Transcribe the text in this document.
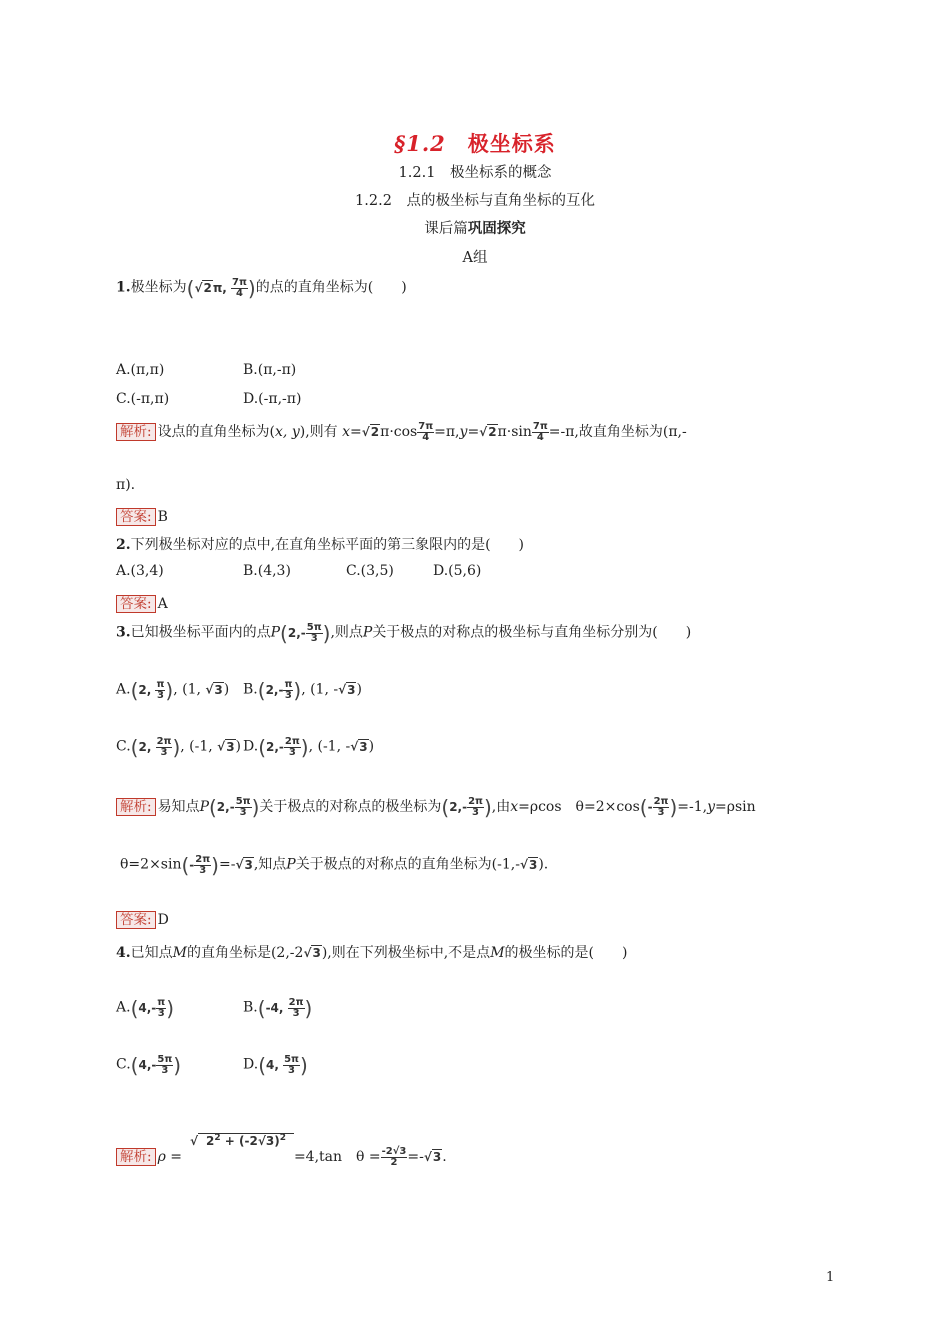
§1.2　 极坐标系
1.2.1　极坐标系的概念
1.2.2　点的极坐标与直角坐标的互化
课后篇巩固探究
A组
1.极坐标为(√2π, $\frac{7\pi}{4}$ )的点的直角坐标为(　　)
A.(π,π)	B.(π,-π)
C.(-π,π)	D.(-π,-π)
解析: 设点的直角坐标为(x, y),则有 $x=√2\pi\cdot\cos \frac{7\pi}{4} =\pi,y=√2\pi\cdot\sin \frac{7\pi}{4} =-\pi$,故直角坐标为(π,-
π).
答案: B
2.下列极坐标对应的点中,在直角坐标平面的第三象限内的是(　　)
A.(3,4)	B.(4,3)	C.(3,5)	D.(5,6)
答案: A
3.已知极坐标平面内的点$P(2,- \frac{5\pi}{3}$ ),则点P关于极点的对称点的极坐标与直角坐标分别为(　　)
A.(2, $\frac{\pi}{3}$ ), (1, √3) $B.(2,- \frac{\pi}{3}$ ), (1, -√3)
C.(2, $\frac{2\pi}{3}$ ), (-1, √3) $D.(2,- \frac{2\pi}{3}$ ), (-1, -√3)
解析: 易知点$P(2,- \frac{5\pi}{3}$ )关于极点的对称点的极坐标为($2,- \frac{2\pi}{3}$ ),由x=ρcos　$\theta=2\times\cos(- \frac{2\pi}{3} )=-1,y=\rho\sin$
$\theta=2\times\sin(- \frac{2\pi}{3} )=-√3$,知点P关于极点的对称点的直角坐标为(-1,-√3).
答案: D
4.已知点M的直角坐标是(2,-2√3),则在下列极坐标中,不是点M的极坐标的是(　　)
$A.(4,- \frac{\pi}{3}$ )	B.(-4, $\frac{2\pi}{3}$ )
$C.(4,- \frac{5\pi}{3}$ )	D.(4, $\frac{5\pi}{3}$ )
解析: ρ =√ $2^2 + (-2√3)^2=4,\tan$　$\theta = \frac{-2√3}{2} =-√3$.
1
